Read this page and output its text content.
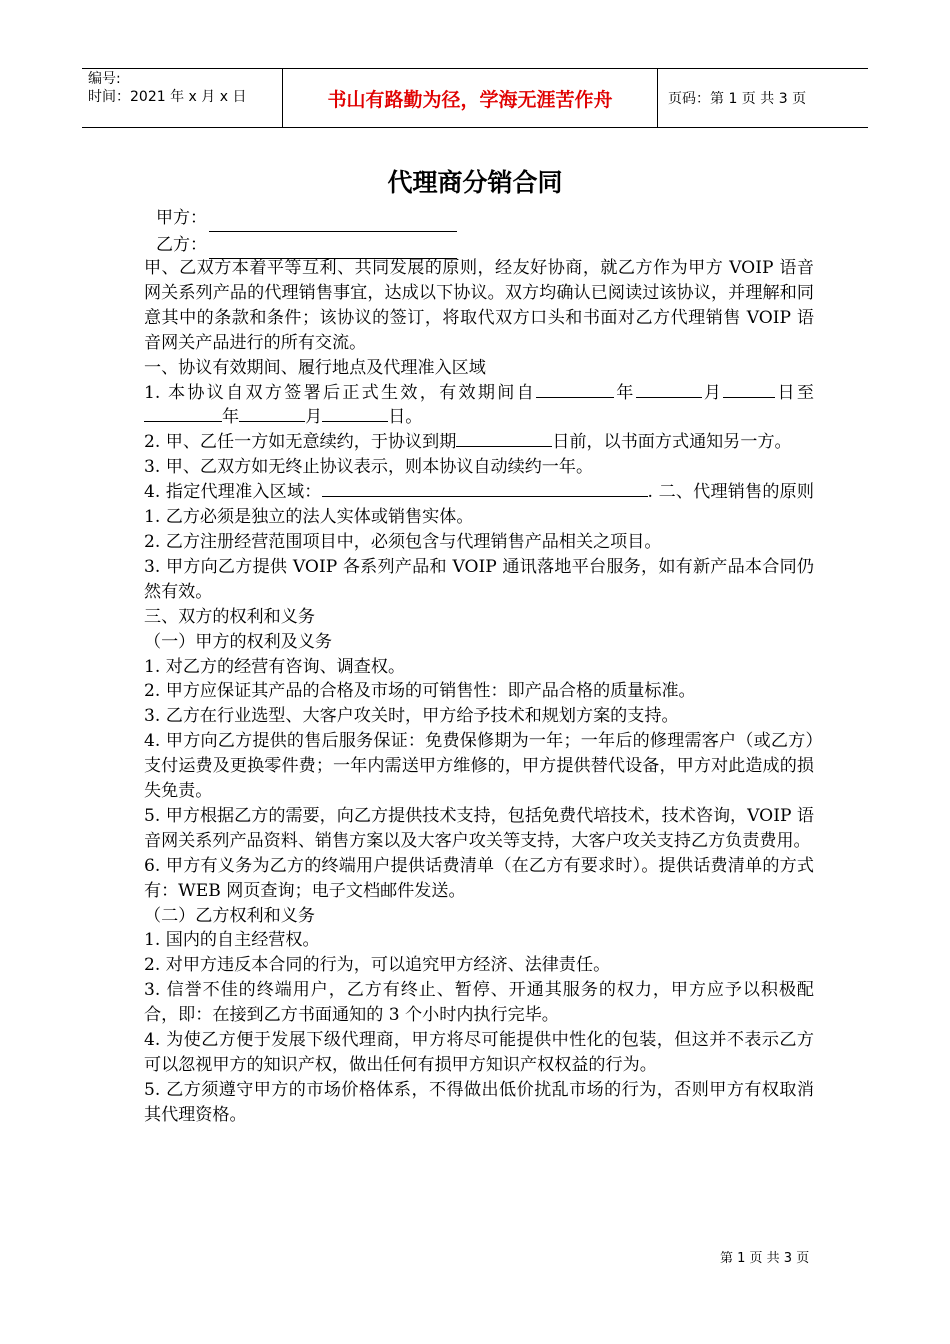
编号:
时间：2021 年 x 月 x 日	书山有路勤为径，学海无涯苦作舟	页码：第 1 页 共 3 页
代理商分销合同
甲方：
乙方：

甲、乙双方本着平等互利、共同发展的原则，经友好协商，就乙方作为甲方 VOIP 语音网关系列产品的代理销售事宜，达成以下协议。双方均确认已阅读过该协议，并理解和同意其中的条款和条件；该协议的签订，将取代双方口头和书面对乙方代理销售 VOIP 语音网关产品进行的所有交流。

一、协议有效期间、履行地点及代理准入区域

1. 本协议自双方签署后正式生效，有效期间自	年	月	日至年	月	日。

2. 甲、乙任一方如无意续约，于协议到期	日前，以书面方式通知另一方。

3. 甲、乙双方如无终止协议表示，则本协议自动续约一年。

4. 指定代理准入区域：	. 二、代理销售的原则 1. 乙方必须是独立的法人实体或销售实体。

2. 乙方注册经营范围项目中，必须包含与代理销售产品相关之项目。

3. 甲方向乙方提供 VOIP 各系列产品和 VOIP 通讯落地平台服务，如有新产品本合同仍然有效。

三、双方的权利和义务

（一）甲方的权利及义务

1. 对乙方的经营有咨询、调查权。

2. 甲方应保证其产品的合格及市场的可销售性：即产品合格的质量标准。

3. 乙方在行业选型、大客户攻关时，甲方给予技术和规划方案的支持。

4. 甲方向乙方提供的售后服务保证：免费保修期为一年；一年后的修理需客户（或乙方）支付运费及更换零件费；一年内需送甲方维修的，甲方提供替代设备，甲方对此造成的损失免责。

5. 甲方根据乙方的需要，向乙方提供技术支持，包括免费代培技术，技术咨询，VOIP 语音网关系列产品资料、销售方案以及大客户攻关等支持，大客户攻关支持乙方负责费用。

6. 甲方有义务为乙方的终端用户提供话费清单（在乙方有要求时）。提供话费清单的方式有：WEB 网页查询；电子文档邮件发送。

（二）乙方权利和义务

1. 国内的自主经营权。

2. 对甲方违反本合同的行为，可以追究甲方经济、法律责任。

3. 信誉不佳的终端用户，乙方有终止、暂停、开通其服务的权力，甲方应予以积极配合，即：在接到乙方书面通知的 3 个小时内执行完毕。

4. 为使乙方便于发展下级代理商，甲方将尽可能提供中性化的包装，但这并不表示乙方可以忽视甲方的知识产权，做出任何有损甲方知识产权权益的行为。

5. 乙方须遵守甲方的市场价格体系，不得做出低价扰乱市场的行为，否则甲方有权取消其代理资格。

第 1 页 共 3 页
